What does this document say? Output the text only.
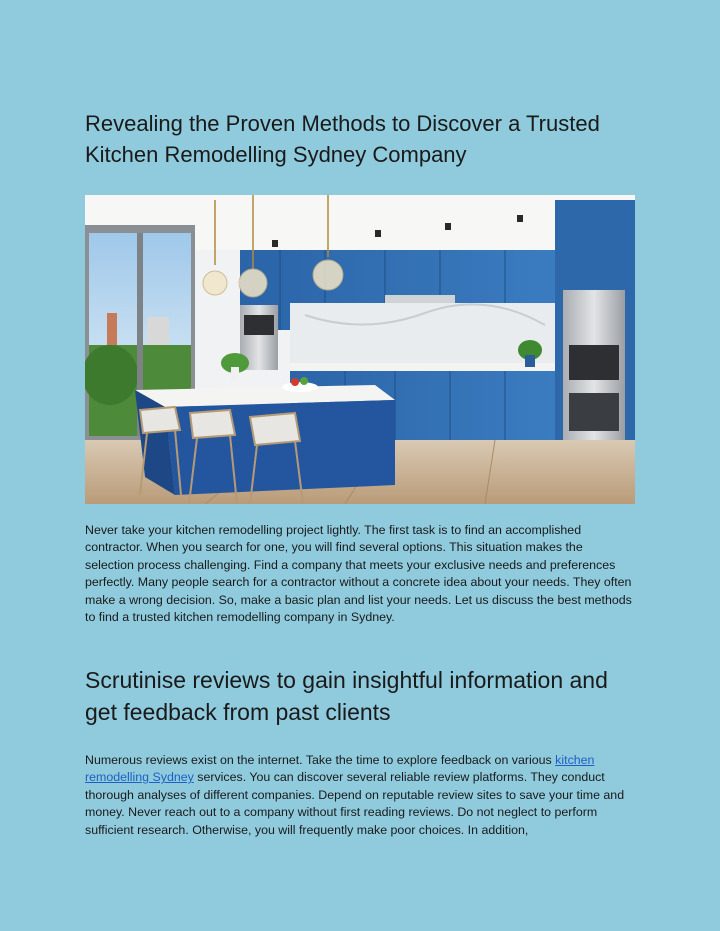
Revealing the Proven Methods to Discover a Trusted Kitchen Remodelling Sydney Company

Never take your kitchen remodelling project lightly. The first task is to find an accomplished contractor. When you search for one, you will find several options. This situation makes the selection process challenging. Find a company that meets your exclusive needs and preferences perfectly. Many people search for a contractor without a concrete idea about your needs. They often make a wrong decision. So, make a basic plan and list your needs. Let us discuss the best methods to find a trusted kitchen remodelling company in Sydney.

Scrutinise reviews to gain insightful information and get feedback from past clients

Numerous reviews exist on the internet. Take the time to explore feedback on various kitchen remodelling Sydney services. You can discover several reliable review platforms. They conduct thorough analyses of different companies. Depend on reputable review sites to save your time and money. Never reach out to a company without first reading reviews. Do not neglect to perform sufficient research. Otherwise, you will frequently make poor choices. In addition,
